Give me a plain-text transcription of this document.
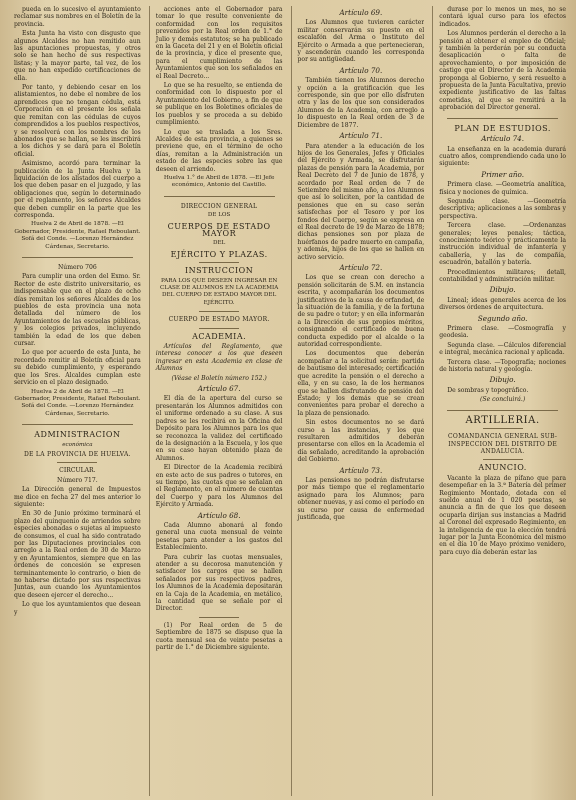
pueda en lo sucesivo el ayuntamiento reclamar sus nombres en el Boletín de la provincia.

Esta Junta ha visto con disgusto que algunos Alcaldes no han remitido aun las apuntaciones propuestas, y otros solo se han hecho de sus respectivas listas; y la mayor parte, tal vez, de los que no han expedido certificaciones de ella.

Por tanto, y debiendo cesar en los alistamientos, no debe el nombre de los aprendices que no tengan cédula, está Corporación en el presente los señala que remitan con las cédulas de cuyos comprendidos a los pueblos respectivos, y se resolverá con los nombres de los abonados que se hallan, se les inscribirá a los dichos y se dará para el Boletín oficial.

Asimismo, acordó para terminar la publicación de la Junta Huelva y la liquidación de los alistados del cuerpo a los que deben pasar en el juzgado, y las obligaciones que, según lo determinado por el reglamento, los señores Alcaldes que deben cumplir en la parte que les corresponda.

Huelva 2 de Abril de 1878. —El Gobernador, Presidente, Rafael Reboulant. Sofá del Conde. —Lorenzo Hernández Cárdenas, Secretario.

Número 706

Para cumplir una orden del Exmo. Sr. Rector de este distrito universitario, es indispensable que en el plazo de ocho días remitan los señores Alcaldes de los pueblos de esta provincia una nota detallada del número de los Ayuntamientos de las escuelas públicas, y los colegios privados, incluyendo también la edad de los que deben cursar.

Lo que por acuerdo de esta Junta, he recordado remitir al Boletín oficial para su debido cumplimiento, y esperando que los Sres. Alcaldes cumplan este servicio en el plazo designado.

Huelva 2 de Abril de 1878. —El Gobernador, Presidente, Rafael Reboulant. Sofá del Conde. —Lorenzo Hernández Cárdenas, Secretario.

ADMINISTRACION
económica
DE LA PROVINCIA DE HUELVA.
CIRCULAR.
Número 717.

La Dirección general de Impuestos me dice en fecha 27 del mes anterior lo siguiente:

En 30 de Junio próximo terminará el plazo del quinquenio de arriendos sobre especies abonadas o sujetas al impuesto de consumos, el cual ha sido contratado por las Diputaciones provinciales con arreglo a la Real orden de 30 de Marzo y en Ayuntamientos, siempre que en las órdenes de concesión se expresen terminantemente lo contrario, o bien de no haberse dictado por sus respectivas Juntas, aun cuando los Ayuntamientos que deseen ejercer el derecho...

Lo que los ayuntamientos que desean y

acciones ante el Gobernador para tomar lo que resulte conveniente de conformidad con los requisitos prevenidos por la Real orden de 1.° de Julio y demás estatutos; se ha publicado en la Gaceta del 21 y en el Boletín oficial de la provincia, y dice el presente que, para el cumplimiento de las Ayuntamientos que son los señalados en el Real Decreto...

Lo que se ha resuelto, se entienda de conformidad con lo dispuesto por el Ayuntamiento del Gobierno, a fin de que se publique en los Boletines oficiales de los pueblos y se proceda a su debido cumplimiento.

Lo que se traslada a los Sres. Alcaldes de esta provincia, a quienes se previene que, en el término de ocho días, remitan a la Administración un estado de las especies sobre las que deseen el arriendo.

Huelva 1.° de Abril de 1878. —El Jefe económico, Antonio del Castillo.

DIRECCION GENERAL
DE LOS
CUERPOS DE ESTADO MAYOR
DEL
EJÉRCITO Y PLAZAS.
INSTRUCCION
PARA LOS QUE DESEEN INGRESAR EN CLASE DE ALUMNOS EN LA ACADEMIA DEL CUERPO DE ESTADO MAYOR DEL EJÉRCITO.
CUERPO DE ESTADO MAYOR.
ACADEMIA.

Artículos del Reglamento, que interesa conocer a los que deseen ingresar en esta Academia en clase de Alumnos

(Véase el Boletín número 152.)
Artículo 67.

El día de la apertura del curso se presentarán los Alumnos admitidos con el uniforme ordenado a su clase. A sus padres se les recibirá en la Oficina del Depósito para los Alumnos para los que se reconozca la validez del certificado de la designación a la Escuela, y los que en su caso hayan obtenido plaza de Alumnos.

El Director de la Academia recibirá en este acto de sus padres o tutores, en su tiempo, las cuotas que se señalan en el Reglamento, en el número de cuentas del Cuerpo y para los Alumnos del Ejército y Armada.

Artículo 68.

Cada Alumno abonará al fondo general una cuota mensual de veinte pesetas para atender a los gastos del Establecimiento.

Para cubrir las cuotas mensuales, atender a su decorosa manutención y satisfacer los cargos que se hallen señalados por sus respectivos padres, los Alumnos de la Academia depositarán en la Caja de la Academia, en metálico, la cantidad que se señale por el Director.

(1) Por Real orden de 5 de Septiembre de 1875 se dispuso que la cuota mensual sea de veinte pesetas a partir de 1.° de Diciembre siguiente.

Artículo 69.

Los Alumnos que tuvieren carácter militar conservarán su puesto en el escalafón del Arma o Instituto del Ejército o Armada a que pertenecieran, y ascenderán cuando les corresponda por su antigüedad.

Artículo 70.

También tienen los Alumnos derecho y opción a la gratificación que les corresponde, sin que por ello disfruten otra y las de los que son considerados Alumnos de la Academia, con arreglo a lo dispuesto en la Real orden de 3 de Diciembre de 1877.

Artículo 71.

Para atender a la educación de los hijos de los Generales, Jefes y Oficiales del Ejército y Armada, se disfrutarán plazas de pensión para la Academia, por Real Decreto del 7 de Junio de 1878, y acordado por Real orden de 7 de Setiembre del mismo año, a los Alumnos que así lo soliciten, por la cantidad de pensiones que en su caso serán satisfechas por el Tesoro y por los fondos del Cuerpo, según se expresa en el Real decreto de 19 de Marzo de 1878; dichas pensiones son por plaza de huérfanos de padre muerto en campaña, y además, hijos de los que se hallen en activo servicio.

Artículo 72.

Los que se crean con derecho a pensión solicitarán de S.M. en instancia escrita, y acompañarán los documentos justificativos de la causa de orfandad, de la situación de la familia, y de la fortuna de su padre o tutor; y en ella informarán a la Dirección de sus propios méritos, consignando el certificado de buena conducta expedido por el alcalde o la autoridad correspondiente.

Los documentos que deberán acompañar a la solicitud serán: partida de bautismo del interesado; certificación que acredite la pensión o el derecho a ella, y en su caso, la de los hermanos que se hallen disfrutando de pensión del Estado; y los demás que se crean convenientes para probar el derecho a la plaza de pensionado.

Sin estos documentos no se dará curso a las instancias, y los que resultaren admitidos deberán presentarse con ellos en la Academia el día señalado, acreditando la aprobación del Gobierno.

Artículo 73.

Las pensiones no podrán disfrutarse por más tiempo que el reglamentario asignado para los Alumnos; para obtener nuevas, y así como el período en su curso por causa de enfermedad justificada, que

durase por lo menos un mes, no se contará igual curso para los efectos indicados.

Los Alumnos perderán el derecho a la pensión al obtener el empleo de Oficial; y también la perderán por su conducta desaplicación o falta de aprovechamiento, o por imposición de castigo que el Director de la Academia proponga al Gobierno, y será resuelto a propuesta de la Junta Facultativa, previo expediente justificativo de las faltas cometidas, al que se remitirá a la aprobación del Director general.

PLAN DE ESTUDIOS.
Artículo 74.

La enseñanza en la academia durará cuatro años, comprendiendo cada uno lo siguiente:

Primer año.

Primera clase. —Geometría analítica, física y nociones de química.

Segunda clase. —Geometría descriptiva; aplicaciones a las sombras y perspectiva.

Tercera clase. —Ordenanzas generales; leyes penales; táctica, conocimiento teórico y prácticamente la instrucción individual de infantería y caballería, y las de compañía, escuadrón, batallón y batería.

Procedimientos militares; detall, contabilidad y administración militar.

Dibujo.

Lineal; ideas generales acerca de los diversos órdenes de arquitectura.

Segundo año.

Primera clase. —Cosmografía y geodesia.

Segunda clase. —Cálculos diferencial e integral, mecánica racional y aplicada.

Tercera clase. —Topografía; nociones de historia natural y geología.

Dibujo.

De sombras y topográfico.

(Se concluirá.)
ARTILLERIA.
COMANDANCIA GENERAL SUB-INSPECCION DEL DISTRITO DE ANDALUCIA.
ANUNCIO.

Vacante la plaza de pífano que para desempeñar en la 3.ª Batería del primer Regimiento Montado, dotada con el sueldo anual de 1 020 pesetas, se anuncia a fin de que los que deseen ocuparla dirijan sus instancias a Madrid al Coronel del expresado Regimiento, en la inteligencia de que la elección tendrá lugar por la Junta Económica del mismo en el día 10 de Mayo próximo venidero, para cuyo día deberán estar las
